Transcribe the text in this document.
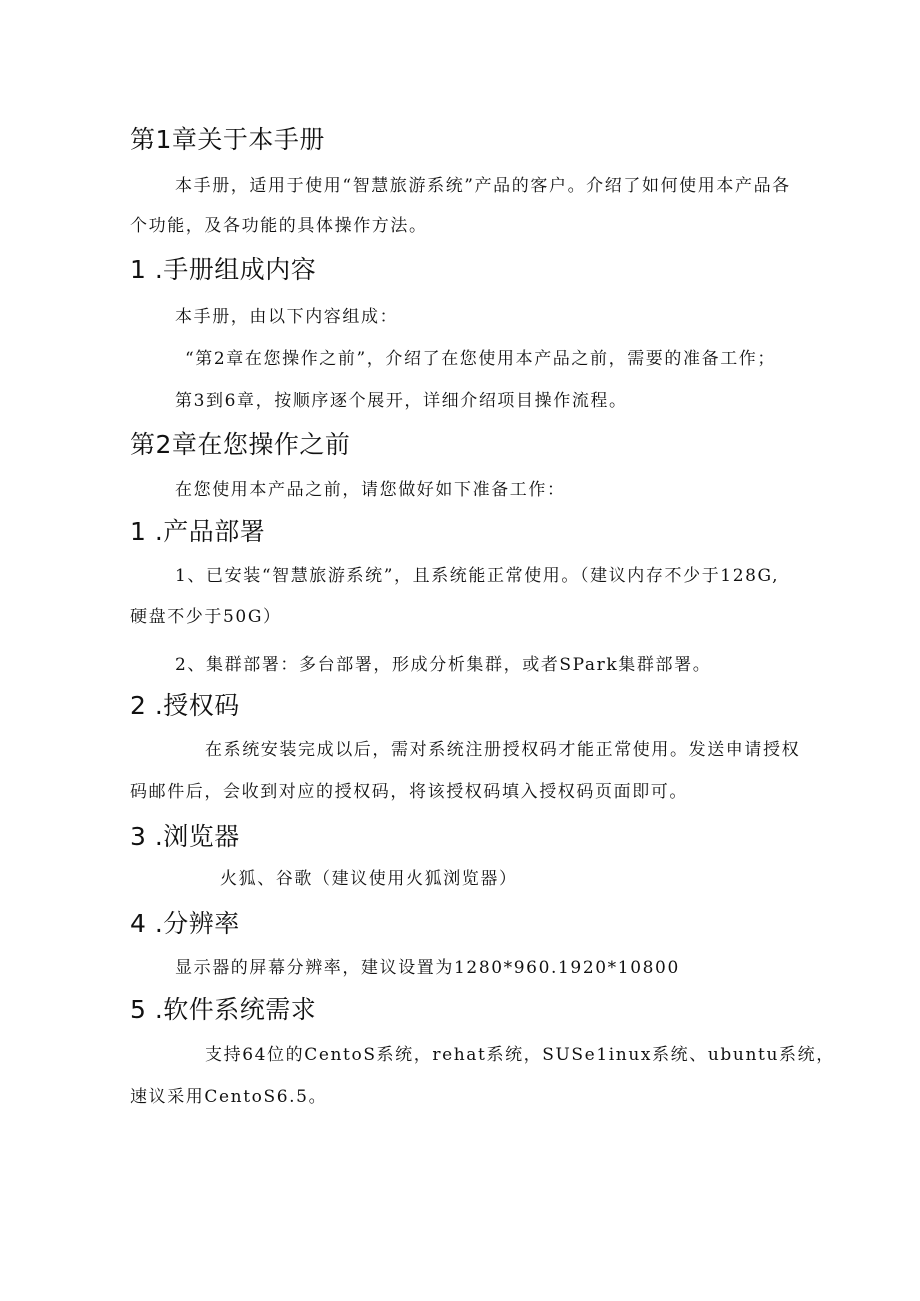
第1章关于本手册
本手册，适用于使用“智慧旅游系统”产品的客户。介绍了如何使用本产品各
个功能，及各功能的具体操作方法。
1 .手册组成内容
本手册，由以下内容组成：
“第2章在您操作之前”，介绍了在您使用本产品之前，需要的准备工作；
第3到6章，按顺序逐个展开，详细介绍项目操作流程。
第2章在您操作之前
在您使用本产品之前，请您做好如下准备工作：
1 .产品部署
1、已安装“智慧旅游系统”，且系统能正常使用。（建议内存不少于128G,
硬盘不少于50G）
2、集群部署：多台部署，形成分析集群，或者SPark集群部署。
2 .授权码
在系统安装完成以后，需对系统注册授权码才能正常使用。发送申请授权
码邮件后，会收到对应的授权码，将该授权码填入授权码页面即可。
3 .浏览器
火狐、谷歌（建议使用火狐浏览器）
4 .分辨率
显示器的屏幕分辨率，建议设置为1280*960.1920*10800
5 .软件系统需求
支持64位的CentoS系统，rehat系统，SUSe1inux系统、ubuntu系统，
速议采用CentoS6.5。
